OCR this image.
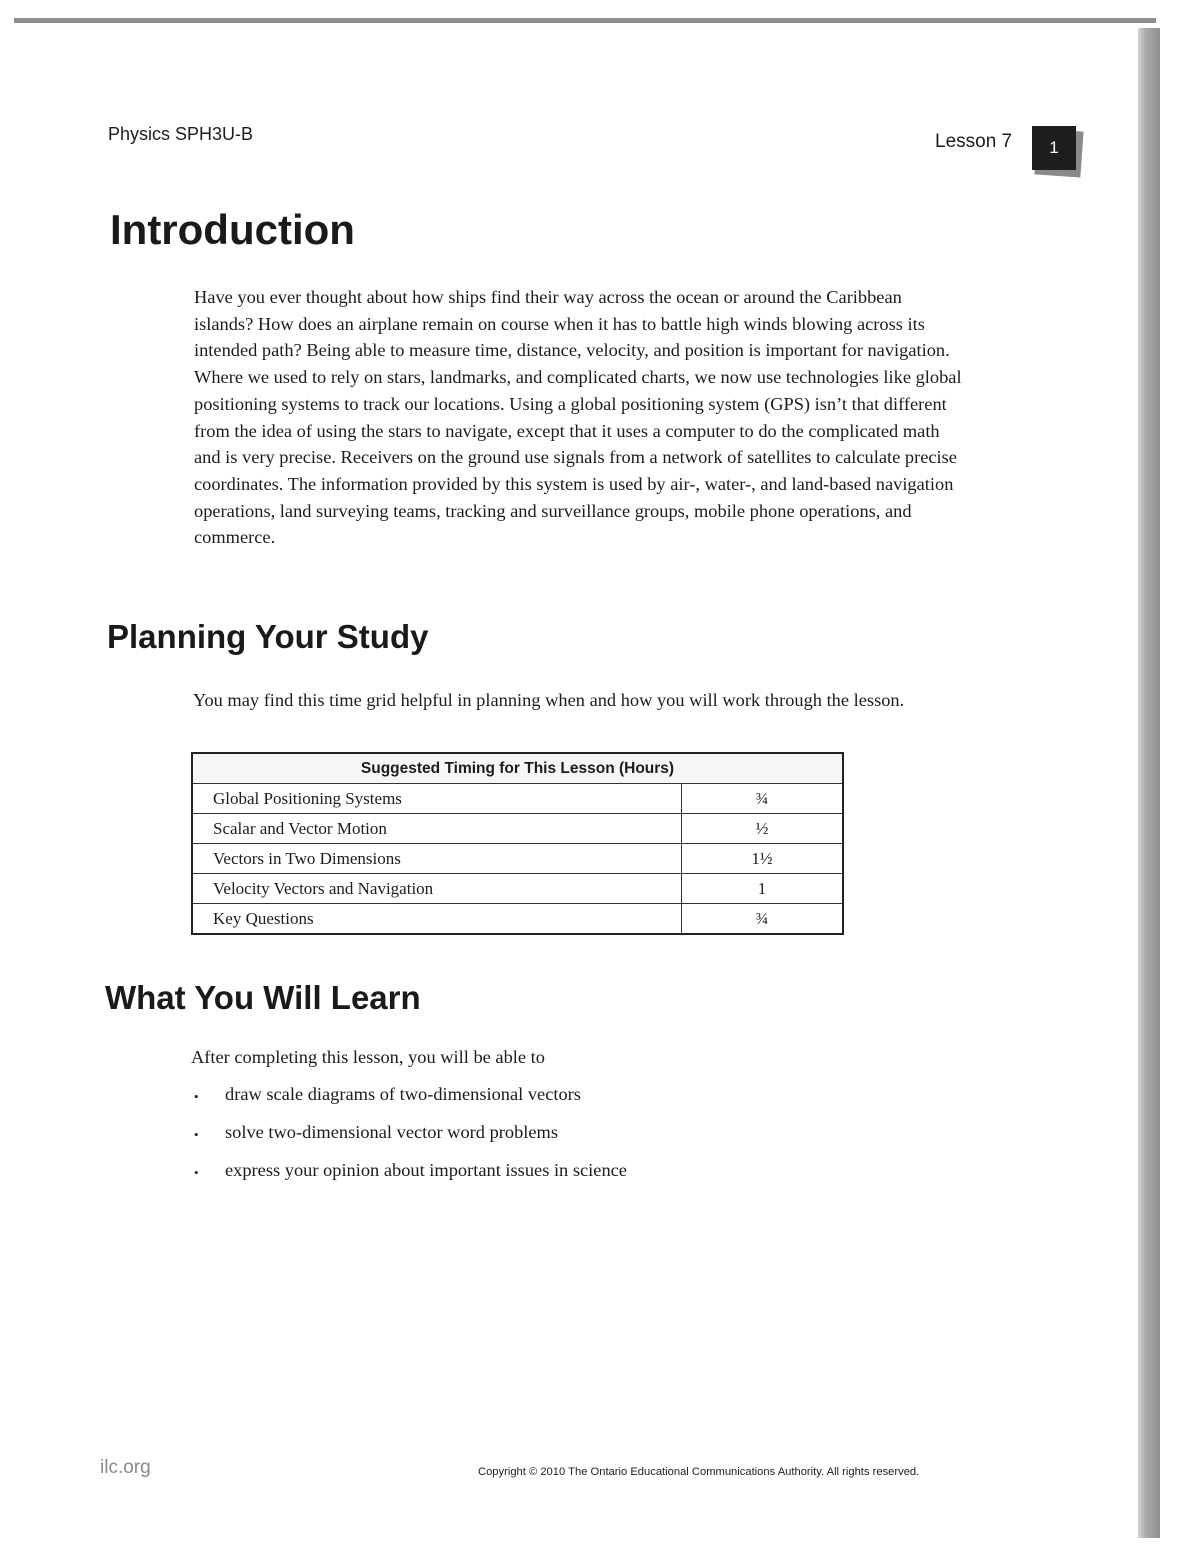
Physics SPH3U-B	Lesson 7	1
Introduction

Have you ever thought about how ships find their way across the ocean or around the Caribbean islands? How does an airplane remain on course when it has to battle high winds blowing across its intended path? Being able to measure time, distance, velocity, and position is important for navigation. Where we used to rely on stars, landmarks, and complicated charts, we now use technologies like global positioning systems to track our locations. Using a global positioning system (GPS) isn’t that different from the idea of using the stars to navigate, except that it uses a computer to do the complicated math and is very precise. Receivers on the ground use signals from a network of satellites to calculate precise coordinates. The information provided by this system is used by air-, water-, and land-based navigation operations, land surveying teams, tracking and surveillance groups, mobile phone operations, and commerce.

Planning Your Study

You may find this time grid helpful in planning when and how you will work through the lesson.

Suggested Timing for This Lesson (Hours)	
Global Positioning Systems	¾
Scalar and Vector Motion	½
Vectors in Two Dimensions	1½
Velocity Vectors and Navigation	1
Key Questions	¾
What You Will Learn

After completing this lesson, you will be able to

•	draw scale diagrams of two-dimensional vectors
•	solve two-dimensional vector word problems
•	express your opinion about important issues in science
ilc.org	Copyright © 2010 The Ontario Educational Communications Authority. All rights reserved.
